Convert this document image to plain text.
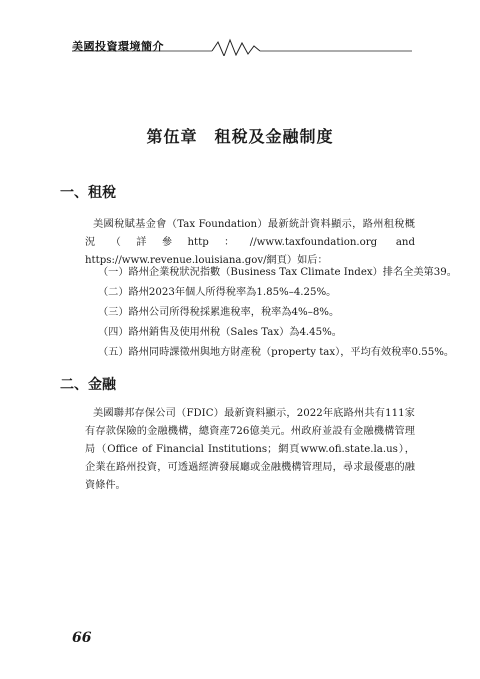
美國投資環境簡介
第伍章　租稅及金融制度
一、租稅

美國稅賦基金會（Tax Foundation）最新統計資料顯示，路州租稅概況（詳參http：//www.taxfoundation.org and https://www.revenue.louisiana.gov/網頁）如后：

（一）路州企業稅狀況指數（Business Tax Climate Index）排名全美第39。
（二）路州2023年個人所得稅率為1.85%–4.25%。
（三）路州公司所得稅採累進稅率，稅率為4%–8%。
（四）路州銷售及使用州稅（Sales Tax）為4.45%。
（五）路州同時課徵州與地方財產稅（property tax），平均有效稅率0.55%。
二、金融

美國聯邦存保公司（FDIC）最新資料顯示，2022年底路州共有111家有存款保險的金融機構，總資產726億美元。州政府並設有金融機構管理局（Office of Financial Institutions；網頁www.ofi.state.la.us），企業在路州投資，可透過經濟發展廳或金融機構管理局，尋求最優惠的融資條件。

66
